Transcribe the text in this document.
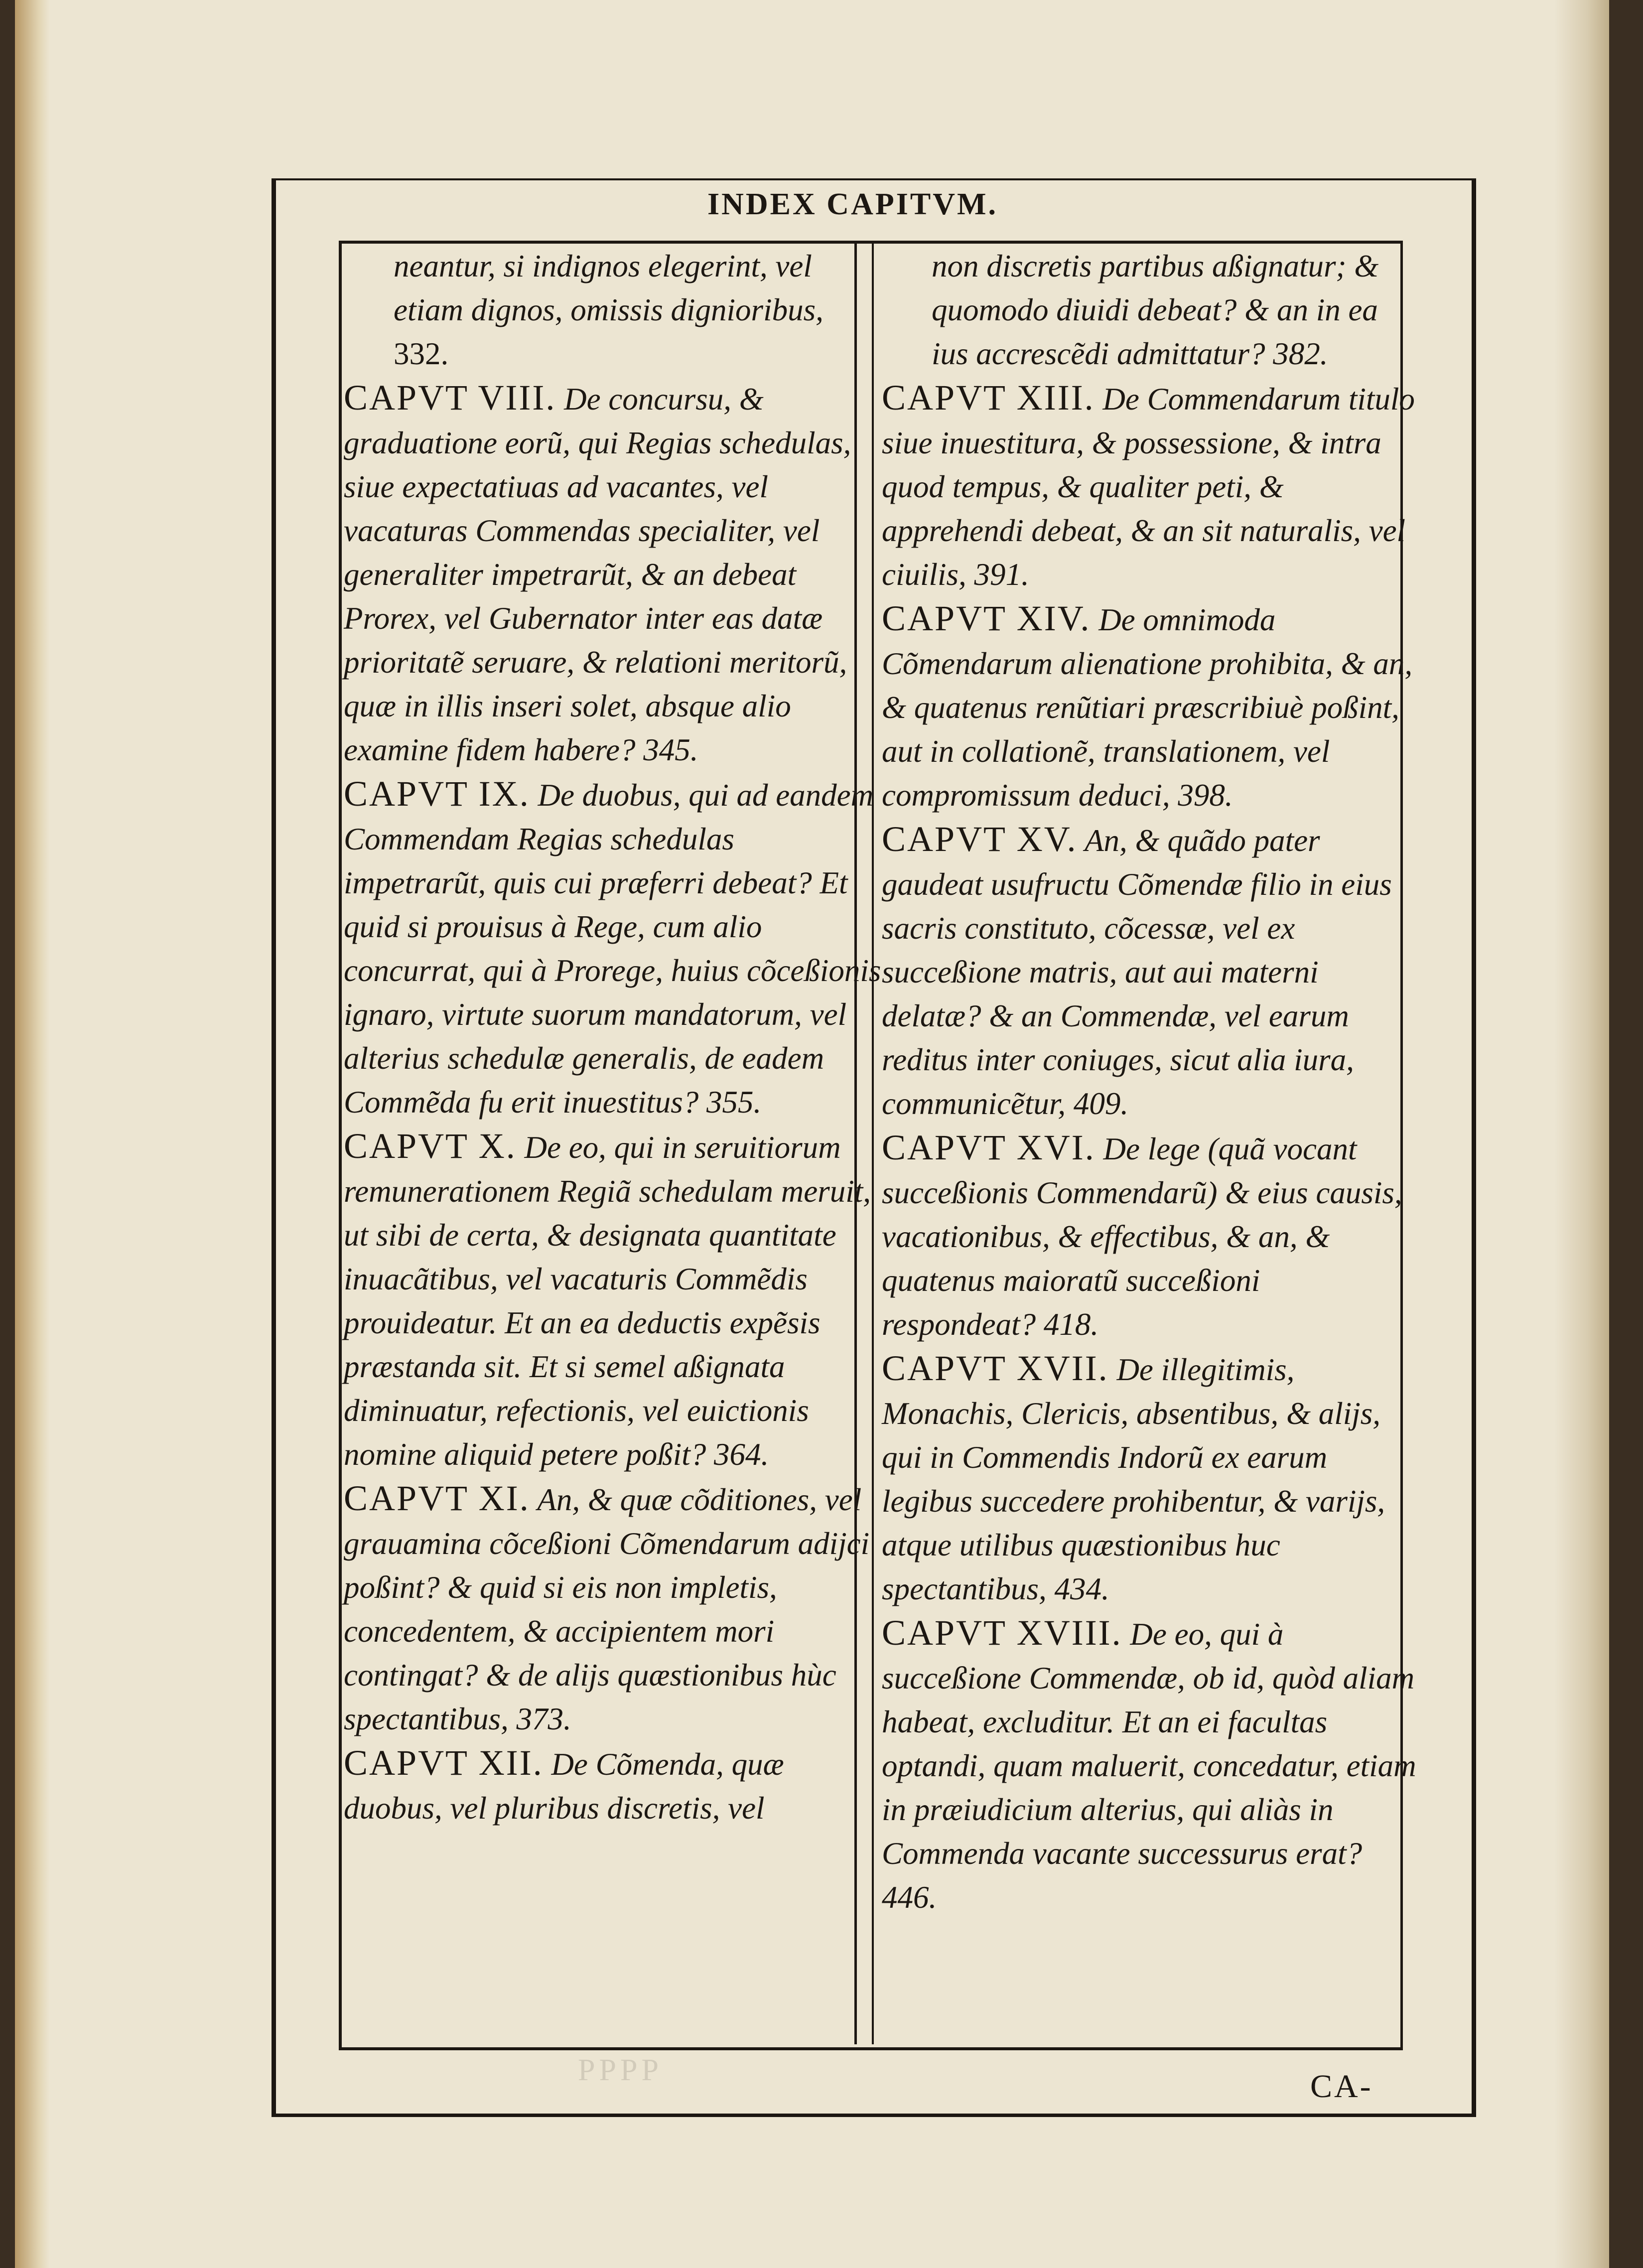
INDEX CAPITVM.
neantur, si indignos elegerint, vel
etiam dignos, omissis dignioribus,
332.
CAPVT VIII. De concursu, & graduatione eorũ, qui Regias schedulas, siue expectatiuas ad vacantes, vel vacaturas Commendas specialiter, vel generaliter impetrarũt, & an debeat Prorex, vel Gubernator inter eas datæ prioritatẽ seruare, & relationi meritorũ, quæ in illis inseri solet, absque alio examine fidem habere? 345.
CAPVT IX. De duobus, qui ad eandem Commendam Regias schedulas impetrarũt, quis cui præferri debeat? Et quid si prouisus à Rege, cum alio concurrat, qui à Prorege, huius cõceßionis ignaro, virtute suorum mandatorum, vel alterius schedulæ generalis, de eadem Commẽda fu erit inuestitus? 355.
CAPVT X. De eo, qui in seruitiorum remunerationem Regiã schedulam meruit, ut sibi de certa, & designata quantitate inuacãtibus, vel vacaturis Commẽdis prouideatur. Et an ea deductis expẽsis præstanda sit. Et si semel aßignata diminuatur, refectionis, vel euictionis nomine aliquid petere poßit? 364.
CAPVT XI. An, & quæ cõditiones, vel grauamina cõceßioni Cõmendarum adijci poßint? & quid si eis non impletis, concedentem, & accipientem mori contingat? & de alijs quæstionibus hùc spectantibus, 373.
CAPVT XII. De Cõmenda, quæ duobus, vel pluribus discretis, vel
non discretis partibus aßignatur; & quomodo diuidi debeat? & an in ea ius accrescẽdi admittatur? 382.
CAPVT XIII. De Commendarum titulo siue inuestitura, & possessione, & intra quod tempus, & qualiter peti, & apprehendi debeat, & an sit naturalis, vel ciuilis, 391.
CAPVT XIV. De omnimoda Cõmendarum alienatione prohibita, & an, & quatenus renũtiari præscribiuè poßint, aut in collationẽ, translationem, vel compromissum deduci, 398.
CAPVT XV. An, & quãdo pater gaudeat usufructu Cõmendæ filio in eius sacris constituto, cõcessæ, vel ex succeßione matris, aut aui materni delatæ? & an Commendæ, vel earum reditus inter coniuges, sicut alia iura, communicẽtur, 409.
CAPVT XVI. De lege (quã vocant succeßionis Commendarũ) & eius causis, vacationibus, & effectibus, & an, & quatenus maioratũ succeßioni respondeat? 418.
CAPVT XVII. De illegitimis, Monachis, Clericis, absentibus, & alijs, qui in Commendis Indorũ ex earum legibus succedere prohibentur, & varijs, atque utilibus quæstionibus huc spectantibus, 434.
CAPVT XVIII. De eo, qui à succeßione Commendæ, ob id, quòd aliam habeat, excluditur. Et an ei facultas optandi, quam maluerit, concedatur, etiam in præiudicium alterius, qui aliàs in Commenda vacante successurus erat? 446.
PPPP	CA-
